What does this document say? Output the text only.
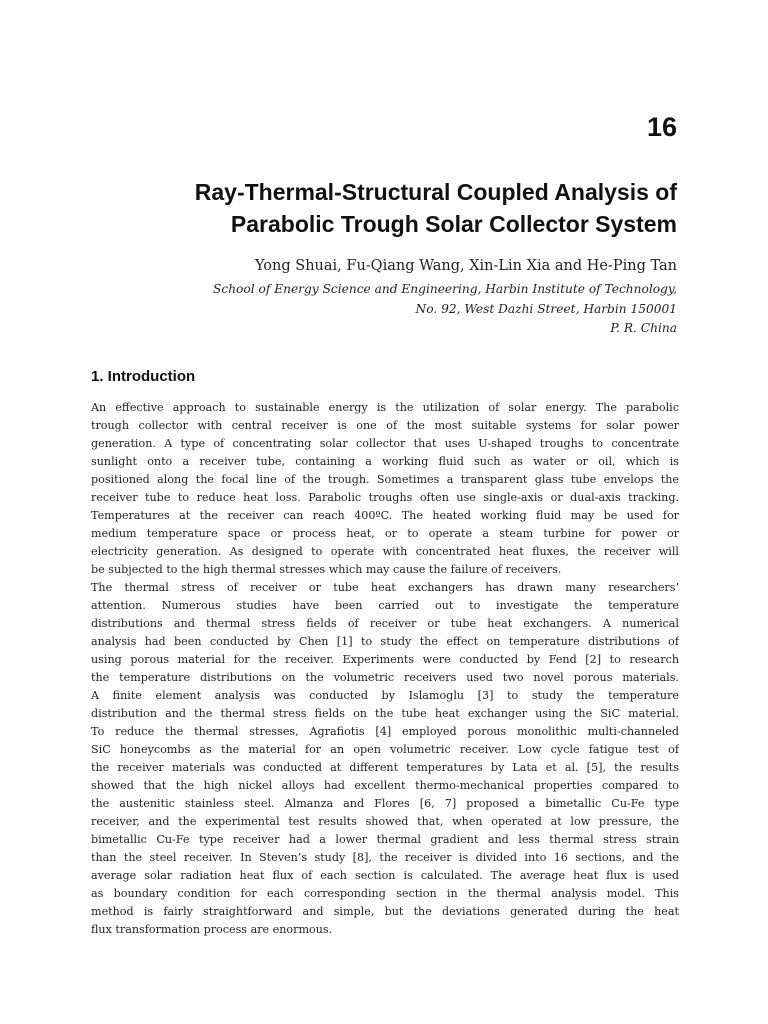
16
Ray-Thermal-Structural Coupled Analysis of
Parabolic Trough Solar Collector System
Yong Shuai, Fu-Qiang Wang, Xin-Lin Xia and He-Ping Tan
School of Energy Science and Engineering, Harbin Institute of Technology,
No. 92, West Dazhi Street, Harbin 150001
P. R. China
1. Introduction
An effective approach to sustainable energy is the utilization of solar energy. The parabolic
trough collector with central receiver is one of the most suitable systems for solar power
generation. A type of concentrating solar collector that uses U-shaped troughs to concentrate
sunlight onto a receiver tube, containing a working fluid such as water or oil, which is
positioned along the focal line of the trough. Sometimes a transparent glass tube envelops the
receiver tube to reduce heat loss. Parabolic troughs often use single-axis or dual-axis tracking.
Temperatures at the receiver can reach 400ºC. The heated working fluid may be used for
medium temperature space or process heat, or to operate a steam turbine for power or
electricity generation. As designed to operate with concentrated heat fluxes, the receiver will
be subjected to the high thermal stresses which may cause the failure of receivers.
The thermal stress of receiver or tube heat exchangers has drawn many researchers’
attention. Numerous studies have been carried out to investigate the temperature
distributions and thermal stress fields of receiver or tube heat exchangers. A numerical
analysis had been conducted by Chen [1] to study the effect on temperature distributions of
using porous material for the receiver. Experiments were conducted by Fend [2] to research
the temperature distributions on the volumetric receivers used two novel porous materials.
A finite element analysis was conducted by Islamoglu [3] to study the temperature
distribution and the thermal stress fields on the tube heat exchanger using the SiC material.
To reduce the thermal stresses, Agrafiotis [4] employed porous monolithic multi-channeled
SiC honeycombs as the material for an open volumetric receiver. Low cycle fatigue test of
the receiver materials was conducted at different temperatures by Lata et al. [5], the results
showed that the high nickel alloys had excellent thermo-mechanical properties compared to
the austenitic stainless steel. Almanza and Flores [6, 7] proposed a bimetallic Cu-Fe type
receiver, and the experimental test results showed that, when operated at low pressure, the
bimetallic Cu-Fe type receiver had a lower thermal gradient and less thermal stress strain
than the steel receiver. In Steven’s study [8], the receiver is divided into 16 sections, and the
average solar radiation heat flux of each section is calculated. The average heat flux is used
as boundary condition for each corresponding section in the thermal analysis model. This
method is fairly straightforward and simple, but the deviations generated during the heat
flux transformation process are enormous.
